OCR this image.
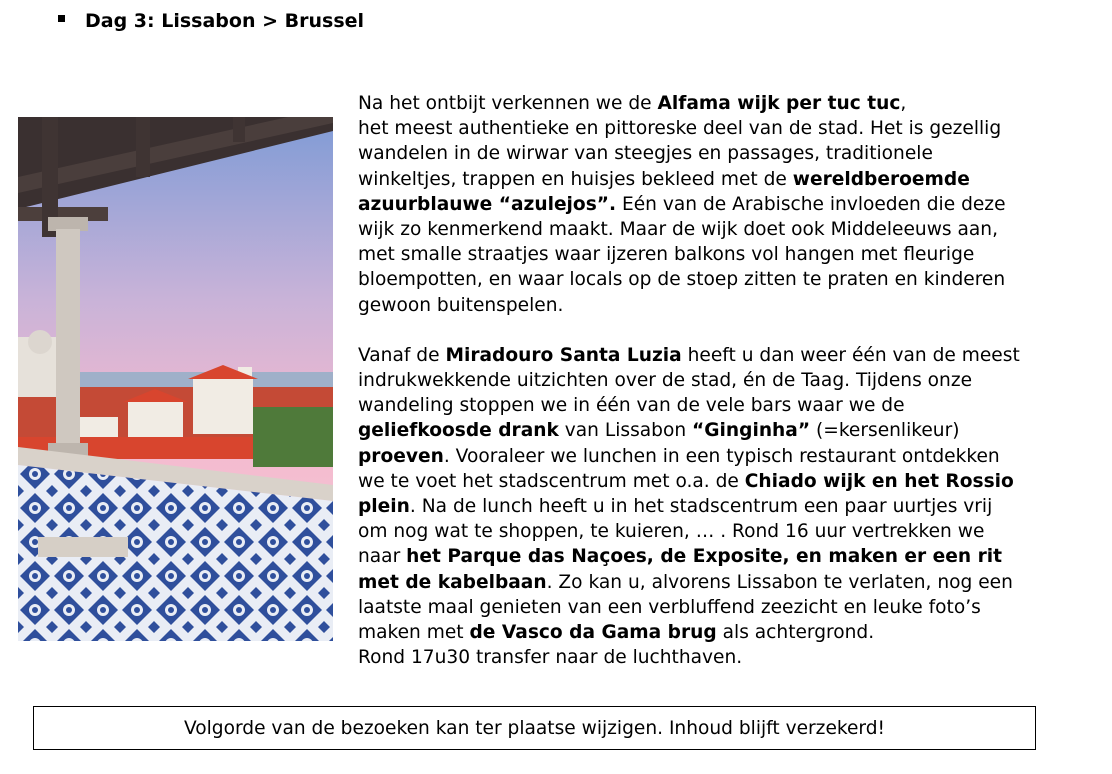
Dag 3: Lissabon > Brussel

Na het ontbijt verkennen we de Alfama wijk per tuc tuc,
het meest authentieke en pittoreske deel van de stad. Het is gezellig
wandelen in de wirwar van steegjes en passages, traditionele
winkeltjes, trappen en huisjes bekleed met de wereldberoemde
azuurblauwe “azulejos”. Eén van de Arabische invloeden die deze
wijk zo kenmerkend maakt. Maar de wijk doet ook Middeleeuws aan,
met smalle straatjes waar ijzeren balkons vol hangen met fleurige
bloempotten, en waar locals op de stoep zitten te praten en kinderen
gewoon buitenspelen.

Vanaf de Miradouro Santa Luzia heeft u dan weer één van de meest
indrukwekkende uitzichten over de stad, én de Taag. Tijdens onze
wandeling stoppen we in één van de vele bars waar we de
geliefkoosde drank van Lissabon “Ginginha” (=kersenlikeur)
proeven. Vooraleer we lunchen in een typisch restaurant ontdekken
we te voet het stadscentrum met o.a. de Chiado wijk en het Rossio
plein. Na de lunch heeft u in het stadscentrum een paar uurtjes vrij
om nog wat te shoppen, te kuieren, … . Rond 16 uur vertrekken we
naar het Parque das Naçoes, de Exposite, en maken er een rit
met de kabelbaan. Zo kan u, alvorens Lissabon te verlaten, nog een
laatste maal genieten van een verbluffend zeezicht en leuke foto’s
maken met de Vasco da Gama brug als achtergrond.
Rond 17u30 transfer naar de luchthaven.

Volgorde van de bezoeken kan ter plaatse wijzigen. Inhoud blijft verzekerd!
